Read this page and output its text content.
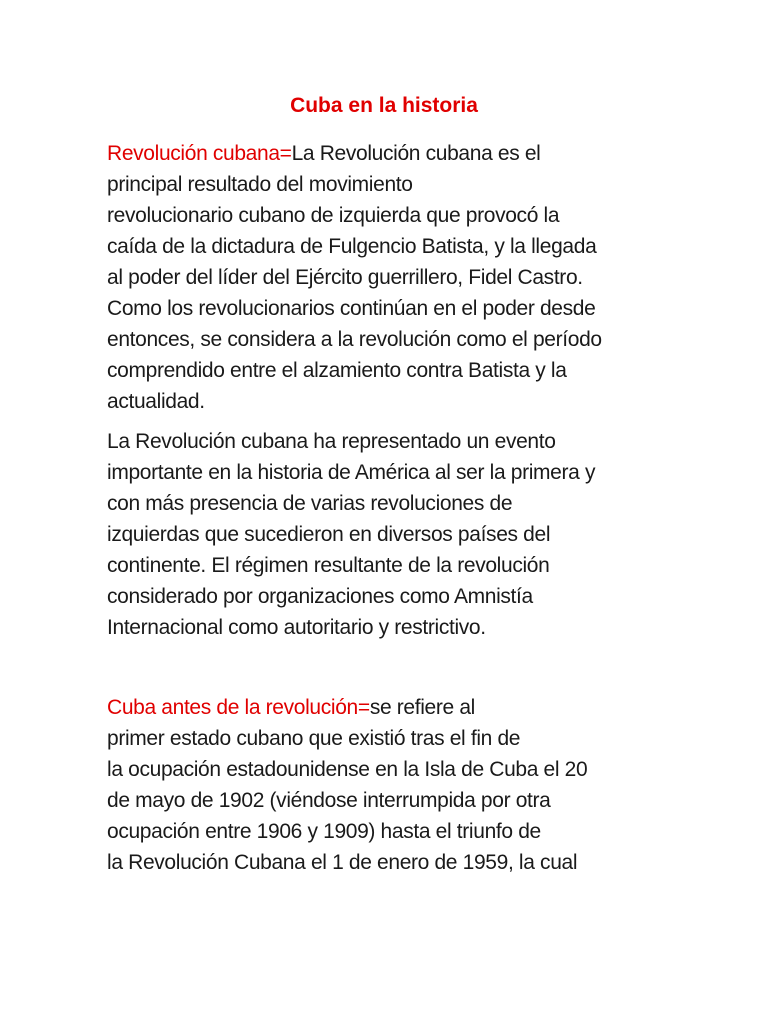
Cuba en la historia

Revolución cubana=La Revolución cubana es el
principal resultado del movimiento
revolucionario cubano de izquierda que provocó la
caída de la dictadura de Fulgencio Batista, y la llegada
al poder del líder del Ejército guerrillero, Fidel Castro.
Como los revolucionarios continúan en el poder desde
entonces, se considera a la revolución como el período
comprendido entre el alzamiento contra Batista y la
actualidad.

La Revolución cubana ha representado un evento
importante en la historia de América al ser la primera y
con más presencia de varias revoluciones de
izquierdas que sucedieron en diversos países del
continente. El régimen resultante de la revolución
considerado por organizaciones como Amnistía
Internacional como autoritario y restrictivo.

Cuba antes de la revolución=se refiere al
primer estado cubano que existió tras el fin de
la ocupación estadounidense en la Isla de Cuba el 20
de mayo de 1902 (viéndose interrumpida por otra
ocupación entre 1906 y 1909) hasta el triunfo de
la Revolución Cubana el 1 de enero de 1959, la cual
